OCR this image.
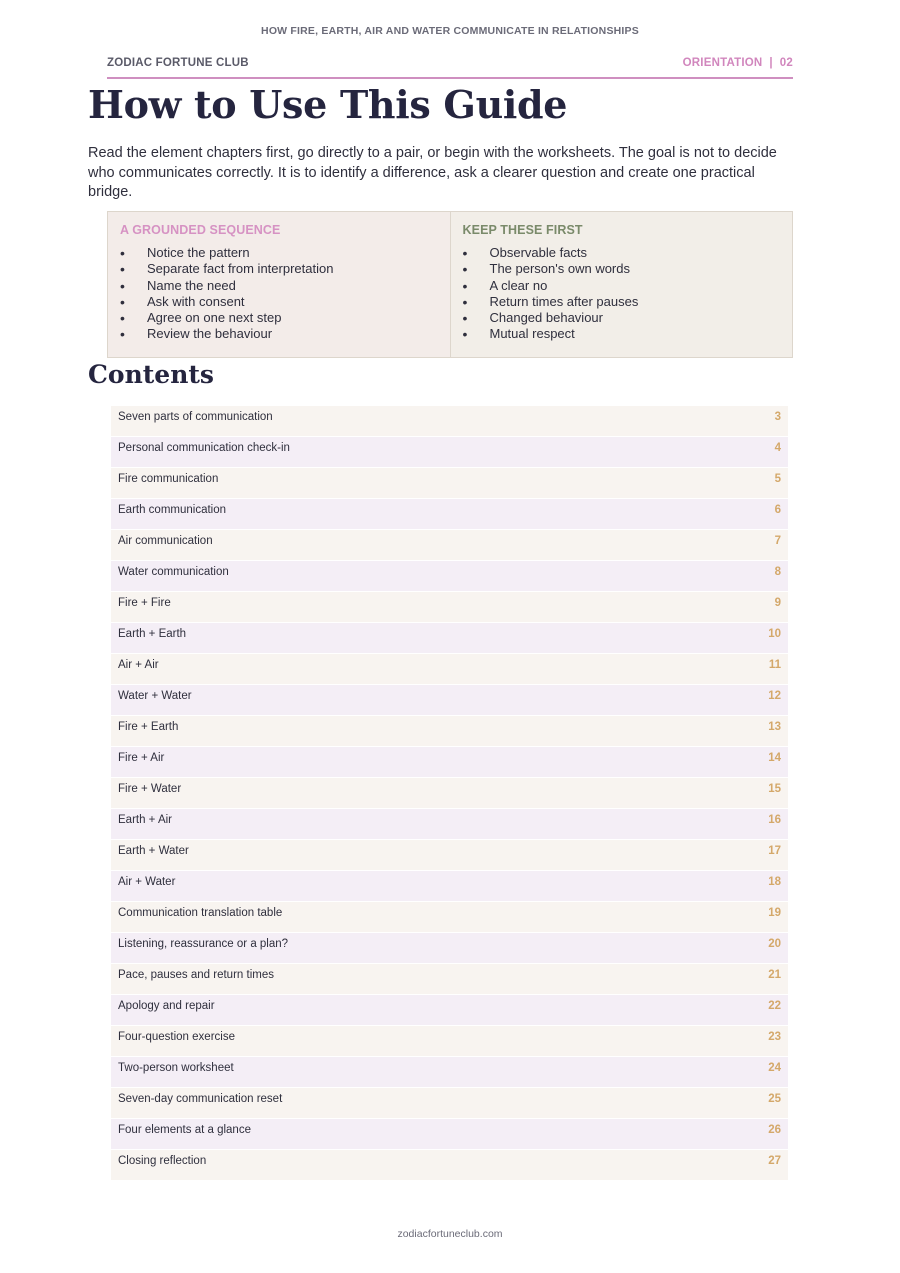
HOW FIRE, EARTH, AIR AND WATER COMMUNICATE IN RELATIONSHIPS
ZODIAC FORTUNE CLUB	ORIENTATION | 02
How to Use This Guide

Read the element chapters first, go directly to a pair, or begin with the worksheets. The goal is not to decide who communicates correctly. It is to identify a difference, ask a clearer question and create one practical bridge.

A GROUNDED SEQUENCE
• Notice the pattern
• Separate fact from interpretation
• Name the need
• Ask with consent
• Agree on one next step
• Review the behaviour
KEEP THESE FIRST
• Observable facts
• The person's own words
• A clear no
• Return times after pauses
• Changed behaviour
• Mutual respect
Contents
Seven parts of communication	3
Personal communication check-in	4
Fire communication	5
Earth communication	6
Air communication	7
Water communication	8
Fire + Fire	9
Earth + Earth	10
Air + Air	11
Water + Water	12
Fire + Earth	13
Fire + Air	14
Fire + Water	15
Earth + Air	16
Earth + Water	17
Air + Water	18
Communication translation table	19
Listening, reassurance or a plan?	20
Pace, pauses and return times	21
Apology and repair	22
Four-question exercise	23
Two-person worksheet	24
Seven-day communication reset	25
Four elements at a glance	26
Closing reflection	27
zodiacfortuneclub.com
